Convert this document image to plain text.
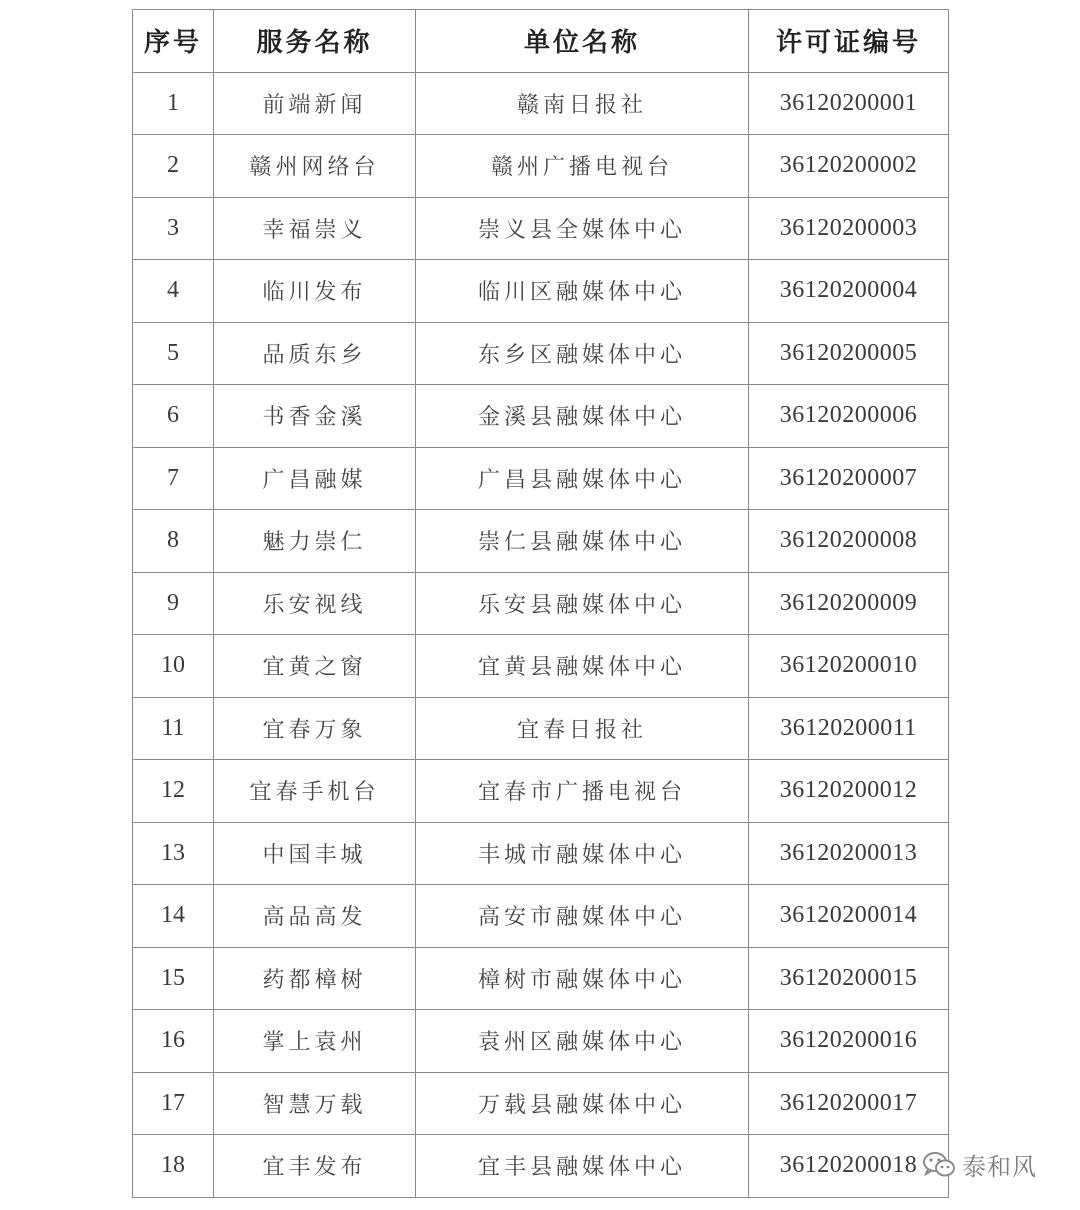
序号	服务名称	单位名称	许可证编号
1	前端新闻	赣南日报社	36120200001
2	赣州网络台	赣州广播电视台	36120200002
3	幸福崇义	崇义县全媒体中心	36120200003
4	临川发布	临川区融媒体中心	36120200004
5	品质东乡	东乡区融媒体中心	36120200005
6	书香金溪	金溪县融媒体中心	36120200006
7	广昌融媒	广昌县融媒体中心	36120200007
8	魅力崇仁	崇仁县融媒体中心	36120200008
9	乐安视线	乐安县融媒体中心	36120200009
10	宜黄之窗	宜黄县融媒体中心	36120200010
11	宜春万象	宜春日报社	36120200011
12	宜春手机台	宜春市广播电视台	36120200012
13	中国丰城	丰城市融媒体中心	36120200013
14	高品高发	高安市融媒体中心	36120200014
15	药都樟树	樟树市融媒体中心	36120200015
16	掌上袁州	袁州区融媒体中心	36120200016
17	智慧万载	万载县融媒体中心	36120200017
18	宜丰发布	宜丰县融媒体中心	36120200018 泰和风
